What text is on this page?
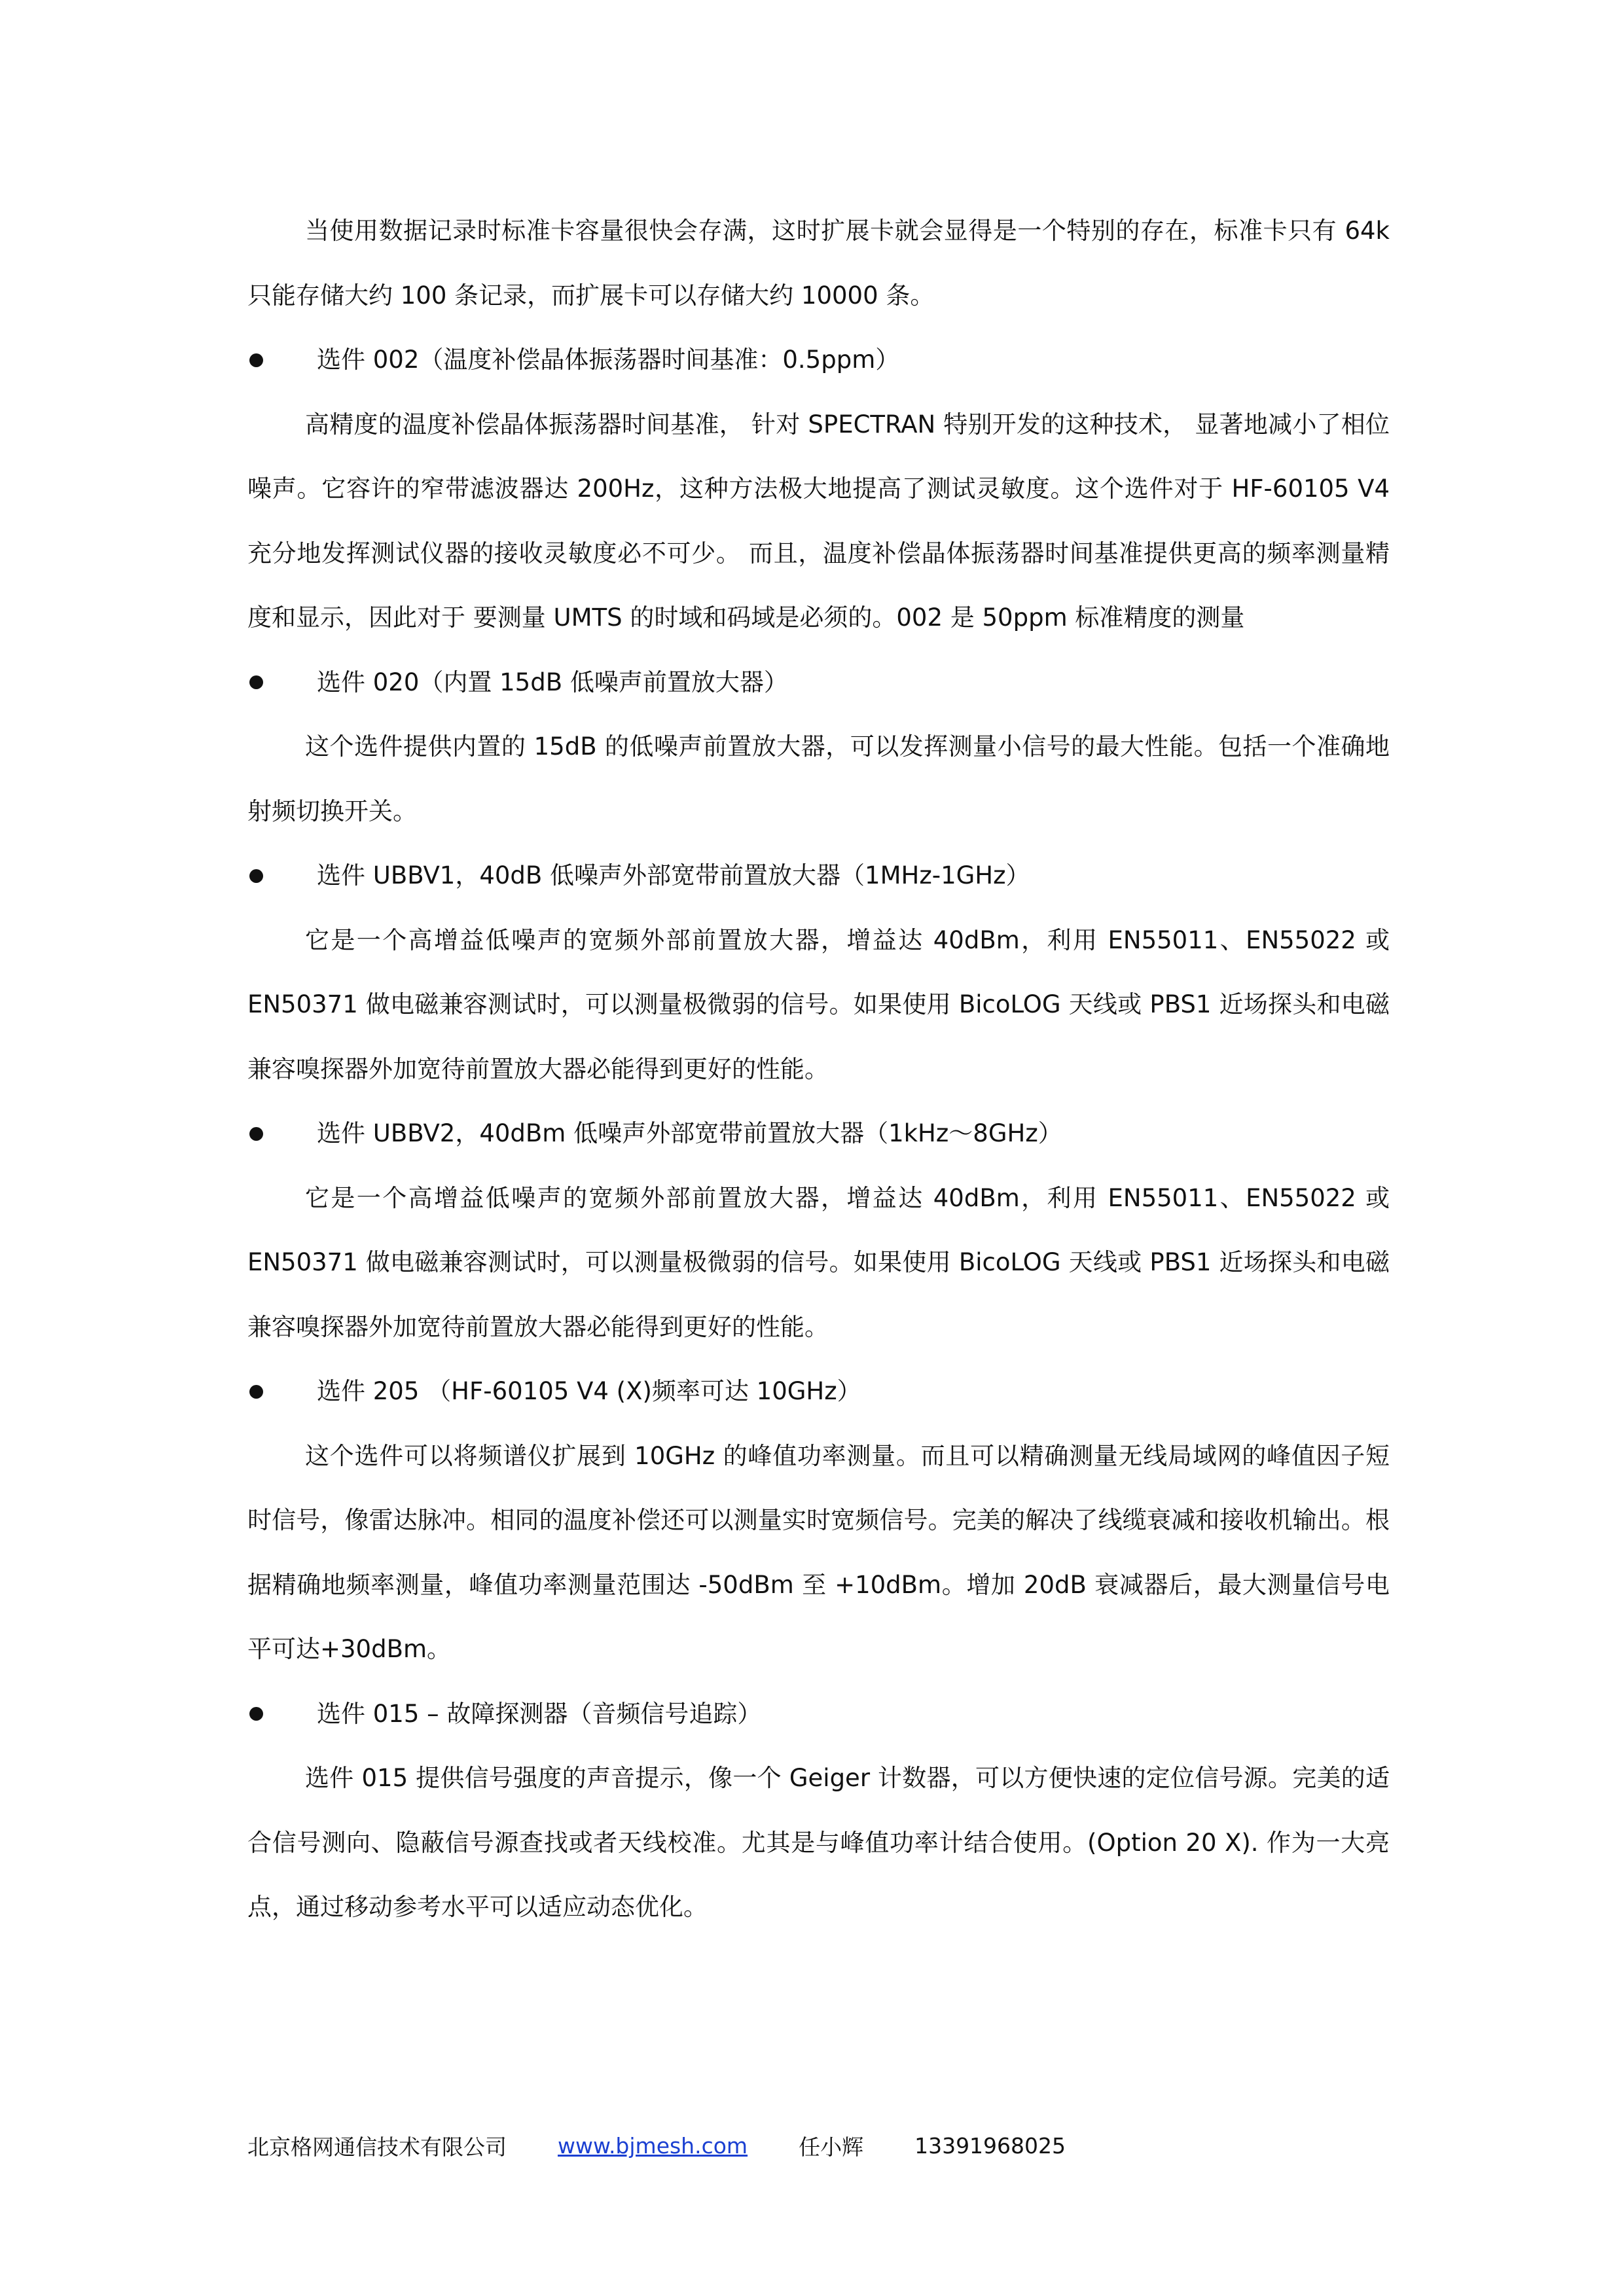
当使用数据记录时标准卡容量很快会存满，这时扩展卡就会显得是一个特别的存在，标准卡只有 64k 只能存储大约 100 条记录，而扩展卡可以存储大约 10000 条。

选件 002（温度补偿晶体振荡器时间基准：0.5ppm）

高精度的温度补偿晶体振荡器时间基准， 针对 SPECTRAN 特别开发的这种技术， 显著地减小了相位噪声。它容许的窄带滤波器达 200Hz，这种方法极大地提高了测试灵敏度。这个选件对于 HF-60105 V4 充分地发挥测试仪器的接收灵敏度必不可少。 而且，温度补偿晶体振荡器时间基准提供更高的频率测量精度和显示，因此对于 要测量 UMTS 的时域和码域是必须的。002 是 50ppm 标准精度的测量

选件 020（内置 15dB 低噪声前置放大器）

这个选件提供内置的 15dB 的低噪声前置放大器，可以发挥测量小信号的最大性能。包括一个准确地射频切换开关。

选件 UBBV1，40dB 低噪声外部宽带前置放大器（1MHz-1GHz）

它是一个高增益低噪声的宽频外部前置放大器，增益达 40dBm，利用 EN55011、EN55022 或 EN50371 做电磁兼容测试时，可以测量极微弱的信号。如果使用 BicoLOG 天线或 PBS1 近场探头和电磁兼容嗅探器外加宽待前置放大器必能得到更好的性能。

选件 UBBV2，40dBm 低噪声外部宽带前置放大器（1kHz～8GHz）

它是一个高增益低噪声的宽频外部前置放大器，增益达 40dBm，利用 EN55011、EN55022 或 EN50371 做电磁兼容测试时，可以测量极微弱的信号。如果使用 BicoLOG 天线或 PBS1 近场探头和电磁兼容嗅探器外加宽待前置放大器必能得到更好的性能。

选件 205 （HF-60105 V4 (X)频率可达 10GHz）

这个选件可以将频谱仪扩展到 10GHz 的峰值功率测量。而且可以精确测量无线局域网的峰值因子短时信号，像雷达脉冲。相同的温度补偿还可以测量实时宽频信号。完美的解决了线缆衰减和接收机输出。根据精确地频率测量，峰值功率测量范围达 -50dBm 至 +10dBm。增加 20dB 衰减器后，最大测量信号电平可达+30dBm。

选件 015 – 故障探测器（音频信号追踪）

选件 015 提供信号强度的声音提示，像一个 Geiger 计数器，可以方便快速的定位信号源。完美的适合信号测向、隐蔽信号源查找或者天线校准。尤其是与峰值功率计结合使用。(Option 20 X). 作为一大亮点，通过移动参考水平可以适应动态优化。

北京格网通信技术有限公司 www.bjmesh.com 任小辉 13391968025
